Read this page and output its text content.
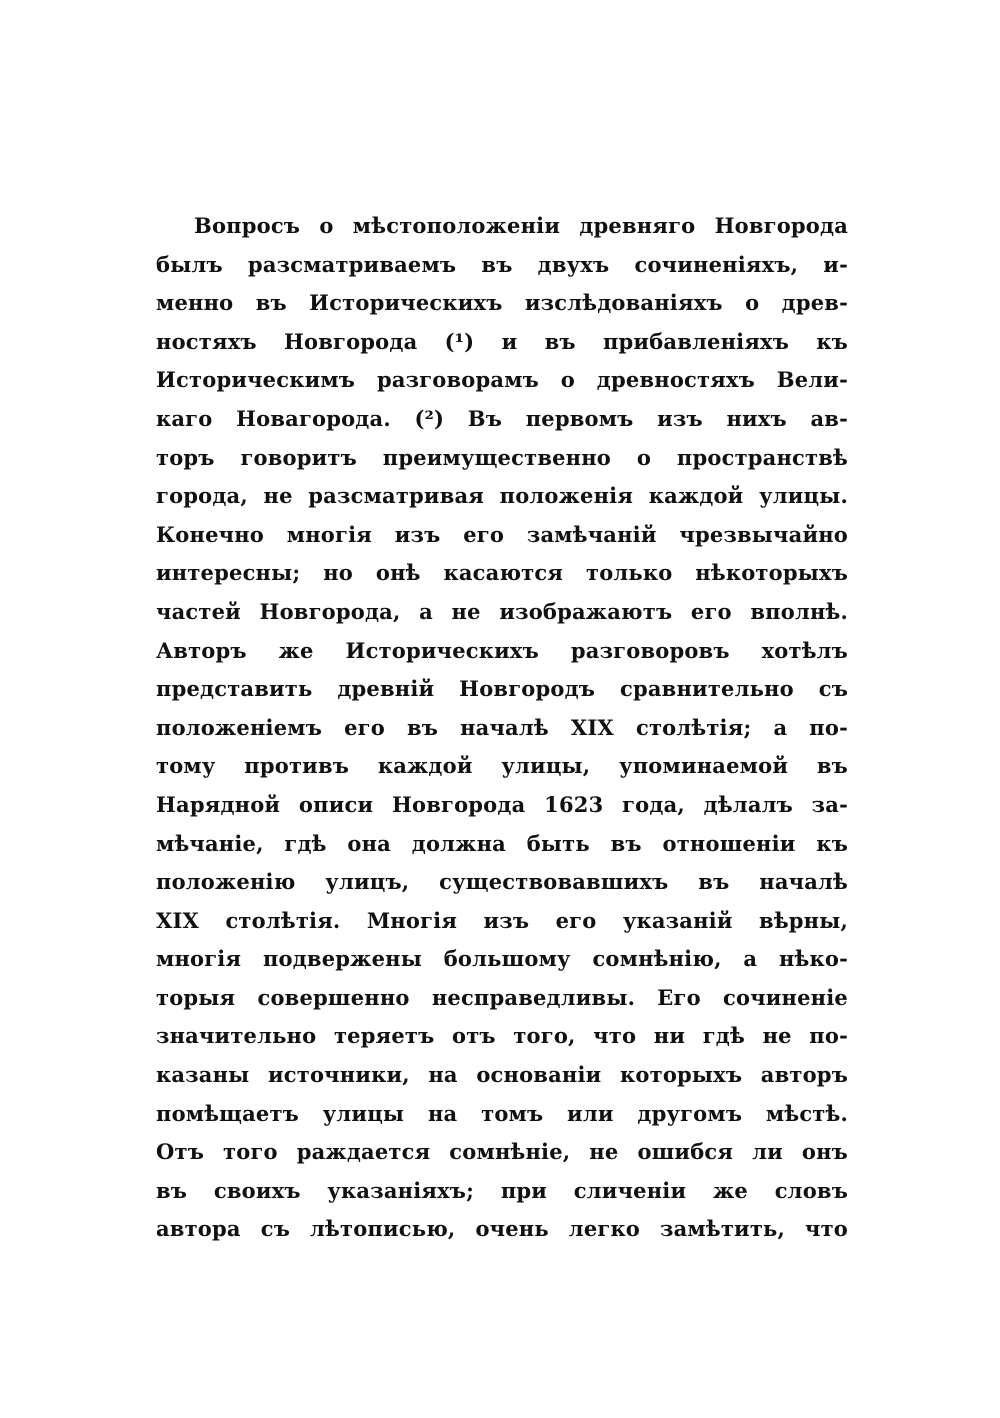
Вопросъ о мѣстоположеніи древняго Новгорода
былъ разсматриваемъ въ двухъ сочиненіяхъ, и-
менно въ Историческихъ изслѣдованіяхъ о древ-
ностяхъ Новгорода (¹) и въ прибавленіяхъ къ
Историческимъ разговорамъ о древностяхъ Вели-
каго Новагорода. (²) Въ первомъ изъ нихъ ав-
торъ говоритъ преимущественно о пространствѣ
города, не разсматривая положенія каждой улицы.
Конечно многія изъ его замѣчаній чрезвычайно
интересны; но онѣ касаются только нѣкоторыхъ
частей Новгорода, а не изображаютъ его вполнѣ.
Авторъ же Историческихъ разговоровъ хотѣлъ
представить древній Новгородъ сравнительно съ
положеніемъ его въ началѣ XIX столѣтія; а по-
тому противъ каждой улицы, упоминаемой въ
Нарядной описи Новгорода 1623 года, дѣлалъ за-
мѣчаніе, гдѣ она должна быть въ отношеніи къ
положенію улицъ, существовавшихъ въ началѣ
XIX столѣтія. Многія изъ его указаній вѣрны,
многія подвержены большому сомнѣнію, а нѣко-
торыя совершенно несправедливы. Его сочиненіе
значительно теряетъ отъ того, что ни гдѣ не по-
казаны источники, на основаніи которыхъ авторъ
помѣщаетъ улицы на томъ или другомъ мѣстѣ.
Отъ того раждается сомнѣніе, не ошибся ли онъ
въ своихъ указаніяхъ; при сличеніи же словъ
автора съ лѣтописью, очень легко замѣтить, что
